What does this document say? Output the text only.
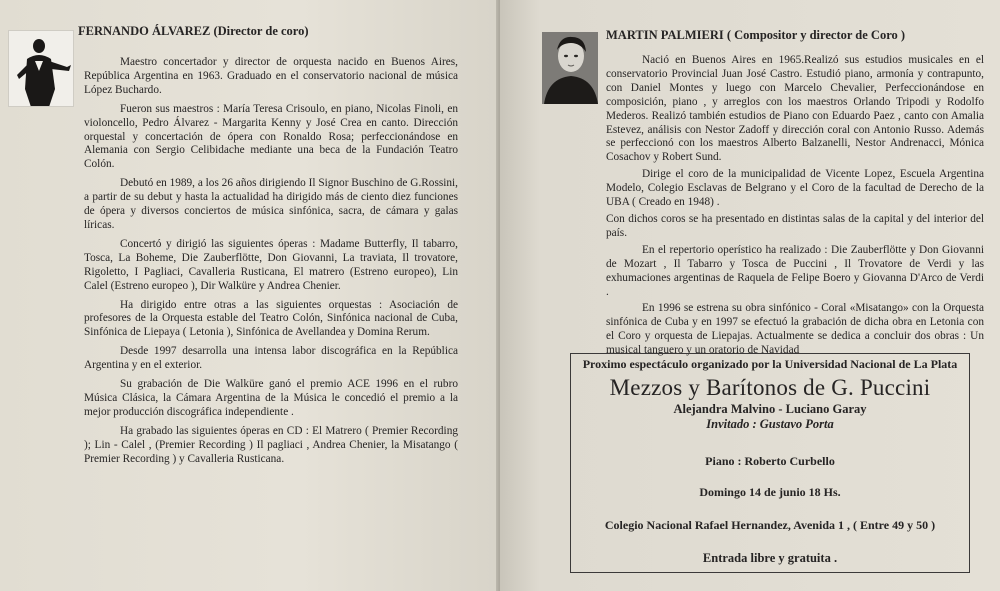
FERNANDO ÁLVAREZ (Director de coro)

Maestro concertador y director de orquesta nacido en Buenos Aires, República Argentina en 1963. Graduado en el conservatorio nacional de música López Buchardo.

Fueron sus maestros : María Teresa Crisoulo, en piano, Nicolas Finoli, en violoncello, Pedro Álvarez - Margarita Kenny y José Crea en canto. Dirección orquestal y concertación de ópera con Ronaldo Rosa; perfeccionándose en Alemania con Sergio Celibidache mediante una beca de la Fundación Teatro Colón.

Debutó en 1989, a los 26 años dirigiendo Il Signor Buschino de G.Rossini, a partir de su debut y hasta la actualidad ha dirigido más de ciento diez funciones de ópera y diversos conciertos de música sinfónica, sacra, de cámara y galas líricas.

Concertó y dirigió las siguientes óperas : Madame Butterfly, Il tabarro, Tosca, La Boheme, Die Zauberflötte, Don Giovanni, La traviata, Il trovatore, Rigoletto, I Pagliaci, Cavalleria Rusticana, El matrero (Estreno europeo), Lin Calel (Estreno europeo ), Dir Walküre y Andrea Chenier.

Ha dirigido entre otras a las siguientes orquestas : Asociación de profesores de la Orquesta estable del Teatro Colón, Sinfónica nacional de Cuba, Sinfónica de Liepaya ( Letonia ), Sinfónica de Avellandea y Domina Rerum.

Desde 1997 desarrolla una intensa labor discográfica en la República Argentina y en el exterior.

Su grabación de Die Walküre ganó el premio ACE 1996 en el rubro Música Clásica, la Cámara Argentina de la Música le concedió el premio a la mejor producción discográfica independiente .

Ha grabado las siguientes óperas en CD : El Matrero ( Premier Recording ); Lin - Calel , (Premier Recording ) Il pagliaci , Andrea Chenier, la Misatango ( Premier Recording ) y Cavalleria Rusticana.

MARTIN PALMIERI ( Compositor y director de Coro )

Nació en Buenos Aires en 1965.Realizó sus estudios musicales en el conservatorio Provincial Juan José Castro. Estudió piano, armonía y contrapunto, con Daniel Montes y luego con Marcelo Chevalier, Perfeccionándose en composición, piano , y arreglos con los maestros Orlando Tripodi y Rodolfo Mederos. Realizó también estudios de Piano con Eduardo Paez , canto con Amalia Estevez, análisis con Nestor Zadoff y dirección coral con Antonio Russo. Además se perfeccionó con los maestros Alberto Balzanelli, Nestor Andrenacci, Mónica Cosachov y Robert Sund.

Dirige el coro de la municipalidad de Vicente Lopez, Escuela Argentina Modelo, Colegio Esclavas de Belgrano y el Coro de la facultad de Derecho de la UBA ( Creado en 1948) .

Con dichos coros se ha presentado en distintas salas de la capital y del interior del país.

En el repertorio operístico ha realizado : Die Zauberflötte y Don Giovanni de Mozart , Il Tabarro y Tosca de Puccini , Il Trovatore de Verdi y las exhumaciones argentinas de Raquela de Felipe Boero y Giovanna D'Arco de Verdi .

En 1996 se estrena su obra sinfónico - Coral «Misatango» con la Orquesta sinfónica de Cuba y en 1997 se efectuó la grabación de dicha obra en Letonia con el Coro y orquesta de Liepajas. Actualmente se dedica a concluir dos obras : Un musical tanguero y un oratorio de Navidad

Proximo espectáculo organizado por la Universidad Nacional de La Plata
Mezzos y Barítonos de G. Puccini
Alejandra Malvino - Luciano Garay
Invitado : Gustavo Porta
Piano : Roberto Curbello
Domingo 14 de junio 18 Hs.
Colegio Nacional Rafael Hernandez, Avenida 1 , ( Entre 49 y 50 )
Entrada libre y gratuita .
